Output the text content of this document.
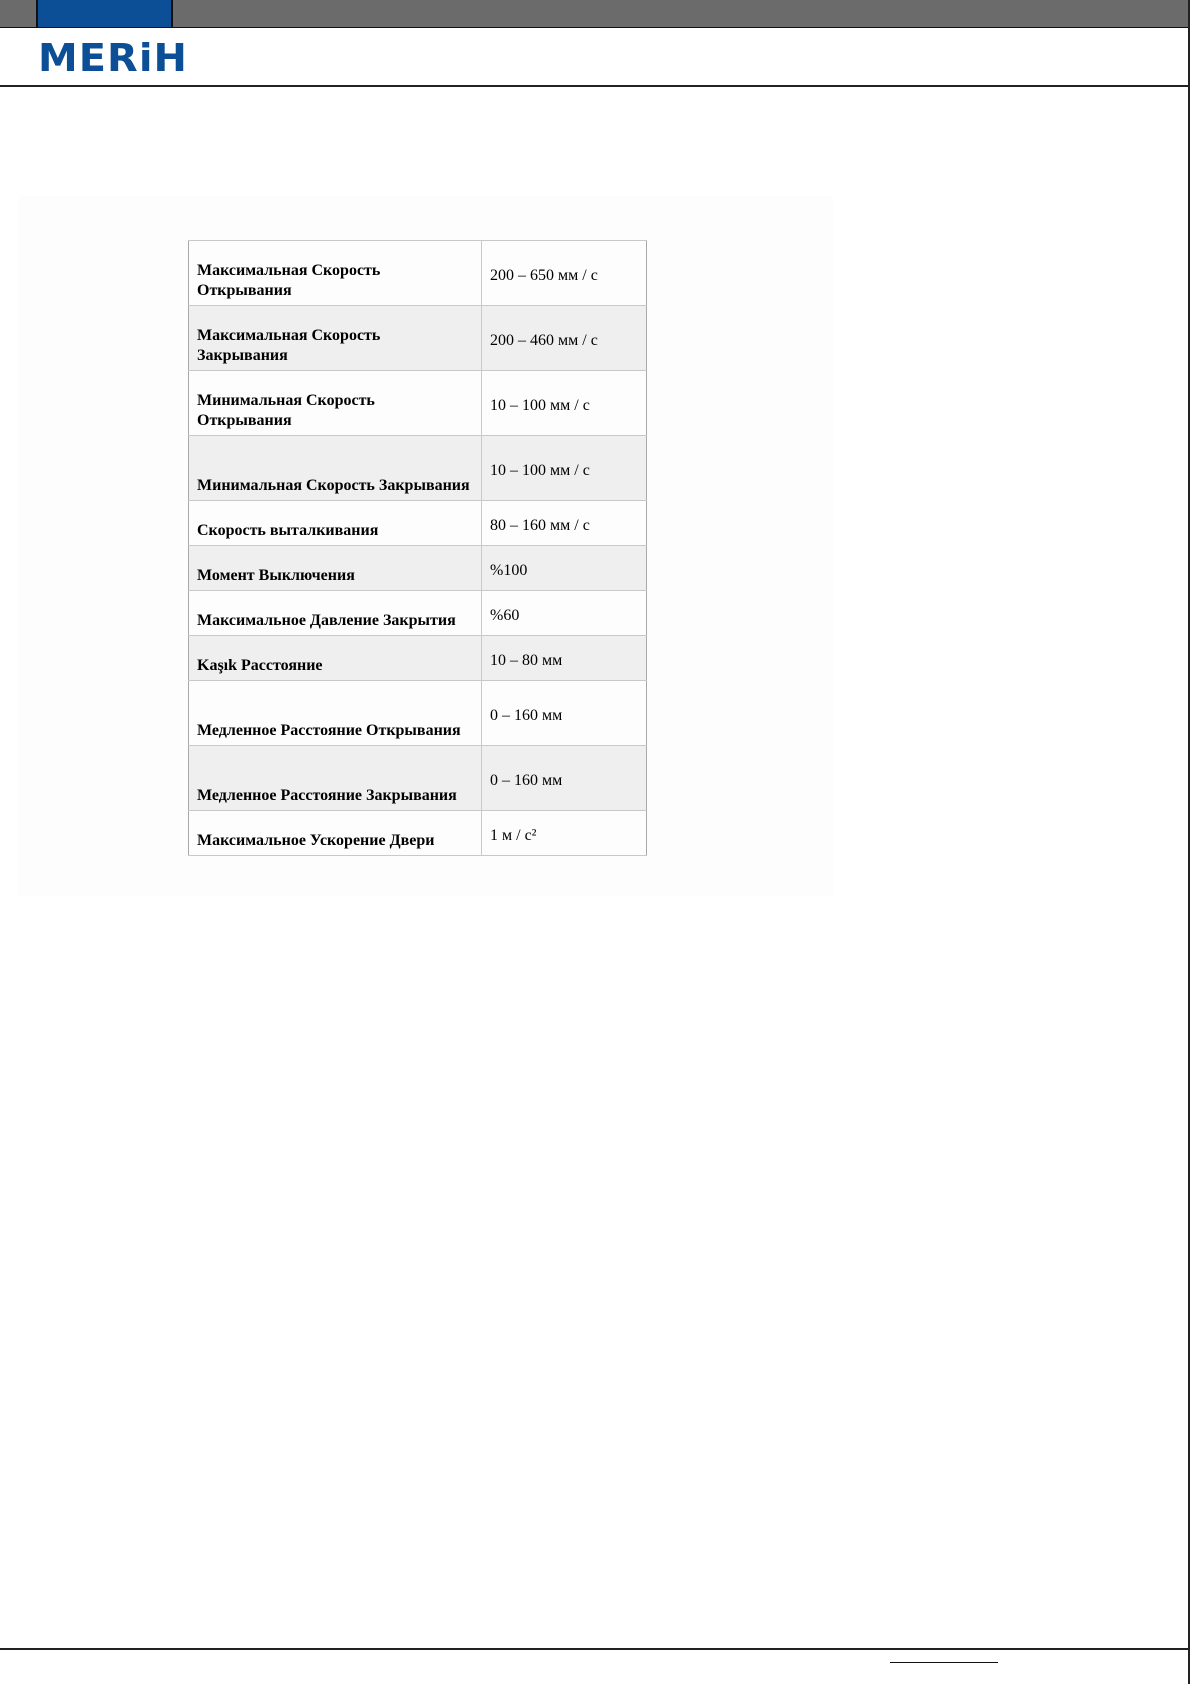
MERiH
Максимальная Скорость Открывания	200 – 650 мм / с
Максимальная Скорость Закрывания	200 – 460 мм / с
Минимальная Скорость Открывания	10 – 100 мм / с
Минимальная Скорость Закрывания	10 – 100 мм / с
Скорость выталкивания	80 – 160 мм / с
Момент Выключения	%100
Максимальное Давление Закрытия	%60
Kaşık Расстояние	10 – 80 мм
Медленное Расстояние Открывания	0 – 160 мм
Медленное Расстояние Закрывания	0 – 160 мм
Максимальное Ускорение Двери	1 м / с²
